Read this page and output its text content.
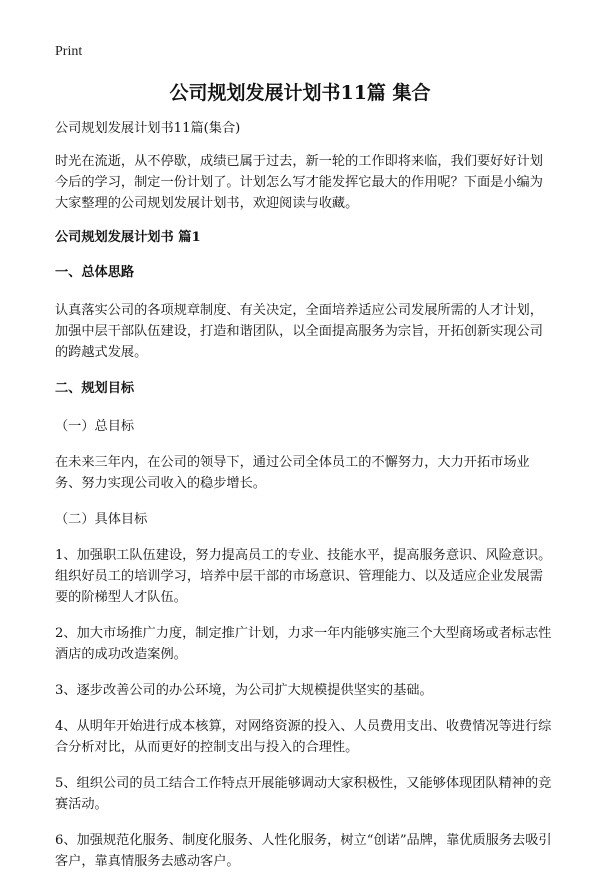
Print
公司规划发展计划书11篇 集合

公司规划发展计划书11篇(集合)

时光在流逝，从不停歇，成绩已属于过去，新一轮的工作即将来临，我们要好好计划今后的学习，制定一份计划了。计划怎么写才能发挥它最大的作用呢？下面是小编为大家整理的公司规划发展计划书，欢迎阅读与收藏。

公司规划发展计划书 篇1

一、总体思路

认真落实公司的各项规章制度、有关决定，全面培养适应公司发展所需的人才计划，加强中层干部队伍建设，打造和谐团队，以全面提高服务为宗旨，开拓创新实现公司的跨越式发展。

二、规划目标

（一）总目标

在未来三年内，在公司的领导下，通过公司全体员工的不懈努力，大力开拓市场业务、努力实现公司收入的稳步增长。

（二）具体目标

1、加强职工队伍建设，努力提高员工的专业、技能水平，提高服务意识、风险意识。组织好员工的培训学习，培养中层干部的市场意识、管理能力、以及适应企业发展需要的阶梯型人才队伍。

2、加大市场推广力度，制定推广计划，力求一年内能够实施三个大型商场或者标志性酒店的成功改造案例。

3、逐步改善公司的办公环境，为公司扩大规模提供坚实的基础。

4、从明年开始进行成本核算，对网络资源的投入、人员费用支出、收费情况等进行综合分析对比，从而更好的控制支出与投入的合理性。

5、组织公司的员工结合工作特点开展能够调动大家积极性，又能够体现团队精神的竞赛活动。

6、加强规范化服务、制度化服务、人性化服务，树立“创诺”品牌，靠优质服务去吸引客户，靠真情服务去感动客户。
